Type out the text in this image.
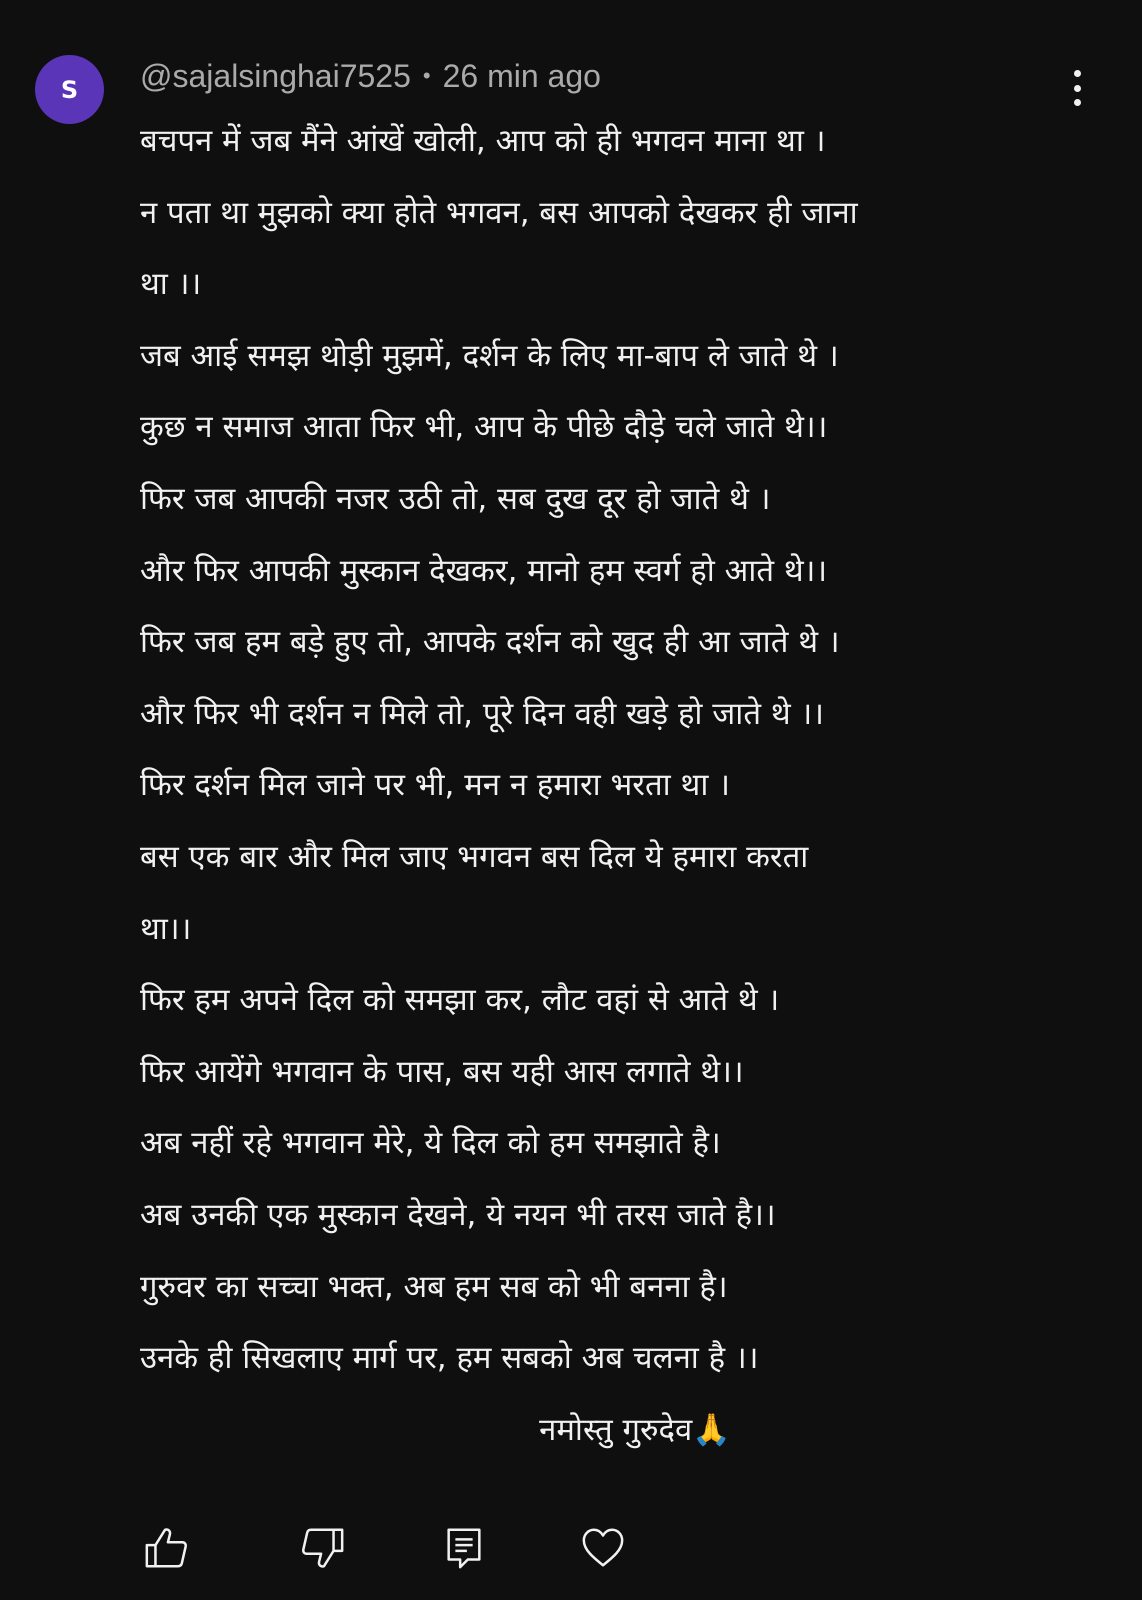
S @sajalsinghai7525 • 26 min ago
बचपन में जब मैंने आंखें खोली, आप को ही भगवन माना था ।
न पता था मुझको क्या होते भगवन, बस आपको देखकर ही जाना
था ।।
जब आई समझ थोड़ी मुझमें, दर्शन के लिए मा-बाप ले जाते थे ।
कुछ न समाज आता फिर भी, आप के पीछे दौड़े चले जाते थे।।
फिर जब आपकी नजर उठी तो, सब दुख दूर हो जाते थे ।
और फिर आपकी मुस्कान देखकर, मानो हम स्वर्ग हो आते थे।।
फिर जब हम बड़े हुए तो, आपके दर्शन को खुद ही आ जाते थे ।
और फिर भी दर्शन न मिले तो, पूरे दिन वही खड़े हो जाते थे ।।
फिर दर्शन मिल जाने पर भी, मन न हमारा भरता था ।
बस एक बार और मिल जाए भगवन बस दिल ये हमारा करता
था।।
फिर हम अपने दिल को समझा कर, लौट वहां से आते थे ।
फिर आयेंगे भगवान के पास, बस यही आस लगाते थे।।
अब नहीं रहे भगवान मेरे, ये दिल को हम समझाते है।
अब उनकी एक मुस्कान देखने, ये नयन भी तरस जाते है।।
गुरुवर का सच्चा भक्त, अब हम सब को भी बनना है।
उनके ही सिखलाए मार्ग पर, हम सबको अब चलना है ।।
नमोस्तु गुरुदेव🙏
